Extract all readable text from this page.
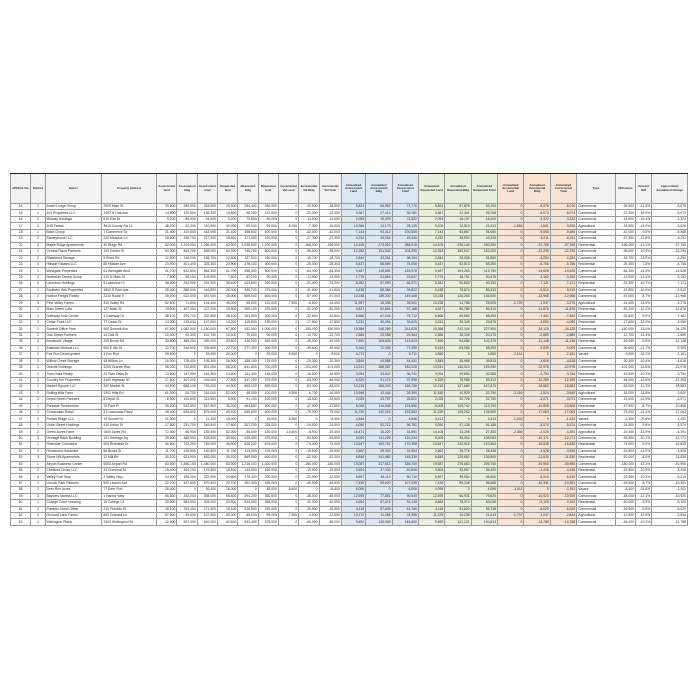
APPEAL No.	District	Owner	Property Address	Assessment land	Assessment bldg	Assessment total	Requested land	Requested bldg	Requested total	Incremental Val Land	Incremental Val Bldg	Incremental Val Total	Annualized Assessment Land	Annualized Assessment Bldg	Annualized Assessment Total	Annualized Requested Land	Annualized Requested Bldg	Annualized Requested Total	Annualized Incremental Land	Annualized Incremental Bldg	Annualized Incremental Total	Type	Difference	Percent Diff	Approximate Annualized Change
14	2	Ameri Lodge Group	2900 Main St	25,600	289,900	315,500	25,600	254,400	280,000	0	-35,500	-35,500	5,824	65,952	71,776	5,824	57,876	63,700	0	-8,076	-8,076	Commercial	-35,500	-11.3%	-8,076
15	1	101 Properties LLC	1402 N Oak Ave	14,800	120,500	135,300	14,800	98,200	113,000	0	-22,300	-22,300	3,367	27,414	30,781	3,367	22,341	25,708	0	-5,073	-5,073	Commercial	-22,300	-16.5%	-5,073
16	2	Midway Holdings	515 Elm St	9,200	85,400	94,600	9,200	70,800	80,000	0	-14,600	-14,600	2,093	19,429	21,522	2,093	16,107	18,200	0	-3,322	-3,322	Commercial	-14,600	-15.4%	-3,322
17	3	JHS Farms	3615 County Rd 12	48,200	62,300	110,500	40,000	55,000	95,000	-8,200	-7,300	-15,500	10,966	14,173	25,139	9,100	12,513	21,613	-1,866	-1,661	-3,526	Agricultural	-15,500	-14.0%	-3,526
18	1	Baird Group	7 Commerce Dr	31,400	410,600	442,000	31,400	368,600	400,000	0	-42,000	-42,000	7,144	93,412	100,555	7,144	83,857	91,000	0	-9,555	-9,555	Commercial	-42,000	-9.5%	-9,555
19	2	Stoneybrook LLC	220 Meadow Ln	18,600	198,700	217,300	18,600	171,400	190,000	0	-27,300	-27,300	4,232	45,204	49,436	4,232	38,994	43,225	0	-6,211	-6,211	Commercial	-27,300	-12.6%	-6,211
20	3	Maple Ridge Apartments	40 Ridge Rd	62,000	1,204,000	1,266,000	62,000	1,038,000	1,100,000	0	-166,000	-166,000	14,105	273,910	288,015	14,105	236,145	250,250	0	-37,765	-37,765	Residential	-166,000	-13.1%	-37,765
21	1	Central Plaza Partners	100 Center St	54,300	843,700	898,000	54,300	745,700	800,000	0	-98,000	-98,000	12,353	191,942	204,295	12,353	169,647	182,000	0	-22,295	-22,295	Commercial	-98,000	-10.9%	-22,295
22	2	Riverbend Storage	9 River Rd	12,500	146,200	158,700	12,500	127,500	140,000	0	-18,700	-18,700	2,844	33,261	36,104	2,844	29,006	31,850	0	-4,254	-4,254	Commercial	-18,700	-11.8%	-4,254
23	3	Hillside Estates LLC	88 Hillside Ave	23,900	301,400	325,300	23,900	276,100	300,000	0	-25,300	-25,300	5,437	68,569	74,006	5,437	62,813	68,250	0	-5,756	-5,756	Residential	-25,300	-7.8%	-5,756
24	1	Westgate Properties	61 Westgate Blvd	41,700	522,600	564,300	41,700	458,300	500,000	0	-64,300	-64,300	9,487	118,892	128,378	9,487	104,263	113,750	0	-14,628	-14,628	Commercial	-64,300	-11.4%	-14,628
25	2	Northside Dental Group	410 N Main St	7,800	96,100	103,900	7,800	82,200	90,000	0	-13,900	-13,900	1,775	21,863	23,637	1,775	18,701	20,475	0	-3,162	-3,162	Commercial	-13,900	-13.4%	-3,162
26	3	Lakeview Holdings	5 Lakeview Ct	36,400	254,900	291,300	36,400	223,600	260,000	0	-31,300	-31,300	8,281	57,990	66,271	8,281	50,869	59,150	0	-7,121	-7,121	Residential	-31,300	-10.7%	-7,121
27	1	Southern Bell Properties	1800 S Park Ave	28,300	388,500	416,800	28,300	346,700	375,000	0	-41,800	-41,800	6,438	88,384	94,822	6,438	78,874	85,313	0	-9,510	-9,510	Commercial	-41,800	-10.0%	-9,510
28	2	Harbor Freight Realty	2210 Route 9	45,000	612,000	657,000	45,000	555,000	600,000	0	-57,000	-57,000	10,238	139,230	149,468	10,238	126,263	136,500	0	-12,968	-12,968	Commercial	-57,000	-8.7%	-12,968
29	3	Pine Valley Farms	310 Valley Rd	52,600	71,800	124,400	45,000	65,000	110,000	-7,600	-6,800	-14,400	11,967	16,335	28,301	10,238	14,788	25,025	-1,729	-1,547	-3,276	Agricultural	-14,400	-11.6%	-3,276
30	1	Main Street Lofts	127 Main St	19,900	407,300	427,200	19,900	355,100	375,000	0	-52,200	-52,200	4,527	92,661	97,188	4,527	80,785	85,313	0	-11,876	-11,876	Residential	-52,200	-12.2%	-11,876
31	2	Gateway Auto Center	1 Gateway Dr	38,100	294,700	332,800	38,100	261,900	300,000	0	-32,800	-32,800	8,668	67,044	75,712	8,668	59,582	68,250	0	-7,462	-7,462	Commercial	-32,800	-9.9%	-7,462
32	3	Cedar Point LLC	77 Cedar St	14,200	133,600	147,800	14,200	115,800	130,000	0	-17,800	-17,800	3,231	30,394	33,625	3,231	26,345	29,575	0	-4,050	-4,050	Residential	-17,800	-12.0%	-4,050
33	1	Summit Office Park	900 Summit Ave	67,500	1,082,500	1,150,000	67,500	932,500	1,000,000	0	-150,000	-150,000	15,356	246,269	261,625	15,356	212,144	227,500	0	-34,125	-34,125	Commercial	-150,000	-13.0%	-34,125
34	2	Oak Street Partners	14 Oak St	10,400	92,300	102,700	10,400	79,600	90,000	0	-12,700	-12,700	2,366	20,998	23,364	2,366	18,109	20,475	0	-2,889	-2,889	Commercial	-12,700	-12.4%	-2,889
35	3	Brookside Village	250 Brook Rd	33,800	465,200	499,000	33,800	416,200	450,000	0	-49,000	-49,000	7,690	105,833	113,523	7,690	94,686	102,375	0	-11,148	-11,148	Residential	-49,000	-9.8%	-11,148
36	1	Eastside Medical LLC	600 E 5th St	22,700	316,900	339,600	22,700	277,300	300,000	0	-39,600	-39,600	5,164	72,095	77,259	5,164	63,086	68,250	0	-9,009	-9,009	Commercial	-39,600	-11.7%	-9,009
37	2	Fox Run Development	3 Fox Run	29,500	0	29,500	20,000	0	20,000	-9,500	0	-9,500	6,711	0	6,711	4,550	0	4,550	-2,161	0	-2,161	Vacant	-9,500	-32.2%	-2,161
38	3	Willow Creek Storage	45 Willow Ln	16,900	178,400	195,300	16,900	158,100	175,000	0	-20,300	-20,300	3,845	40,586	44,431	3,845	35,968	39,813	0	-4,618	-4,618	Commercial	-20,300	-10.4%	-4,618
39	1	Granite Holdings	1250 Granite Way	58,200	742,800	801,000	58,200	641,800	700,000	0	-101,000	-101,000	13,241	168,987	182,228	13,241	146,010	159,250	0	-22,978	-22,978	Commercial	-101,000	-12.6%	-22,978
40	2	Twin Oaks Realty	22 Twin Oaks Dr	13,600	147,900	161,500	13,600	131,400	145,000	0	-16,500	-16,500	3,094	33,647	36,741	3,094	29,894	32,988	0	-3,754	-3,754	Residential	-16,500	-10.2%	-3,754
41	3	Country Inn Properties	4100 Highway 30	27,800	401,200	429,000	27,800	347,200	375,000	0	-54,000	-54,000	6,325	91,273	97,598	6,325	78,988	85,313	0	-12,285	-12,285	Commercial	-54,000	-12.6%	-12,285
42	1	Market Square LLC	300 Market St	44,900	688,100	733,000	44,900	605,100	650,000	0	-83,000	-83,000	10,215	156,543	166,758	10,215	137,660	147,875	0	-18,883	-18,883	Commercial	-83,000	-11.3%	-18,883
43	2	Rolling Hills Farm	1901 Hills Rd	61,300	54,700	116,000	52,000	48,000	100,000	-9,300	-6,700	-16,000	13,946	12,444	26,390	11,830	10,920	22,750	-2,116	-1,524	-3,640	Agricultural	-16,000	-13.8%	-3,640
44	3	Depot Street Partners	8 Depot St	8,900	104,600	113,500	8,900	91,100	100,000	0	-13,500	-13,500	2,025	23,797	25,821	2,025	20,725	22,750	0	-3,071	-3,071	Commercial	-13,500	-11.9%	-3,071
45	1	Parkside Townhomes	70 Park Pl	35,200	512,300	547,500	35,200	464,800	500,000	0	-47,500	-47,500	8,008	116,548	124,556	8,008	105,742	113,750	0	-10,806	-10,806	Residential	-47,500	-8.7%	-10,806
46	2	Crossroads Retail	2 Crossroads Pkwy	49,400	625,600	675,000	49,400	550,600	600,000	0	-75,000	-75,000	11,239	142,324	153,563	11,239	125,262	136,500	0	-17,063	-17,063	Commercial	-75,000	-11.1%	-17,063
47	3	Sunset Ridge LLC	19 Sunset Dr	21,300	0	21,300	15,000	0	15,000	-6,300	0	-6,300	4,846	0	4,846	3,413	0	3,413	-1,433	0	-1,433	Vacant	-6,300	-29.6%	-1,433
48	1	Union Street Holdings	410 Union St	17,800	231,700	249,500	17,800	207,200	225,000	0	-24,500	-24,500	4,050	52,712	56,761	4,050	47,138	51,188	0	-5,574	-5,574	Commercial	-24,500	-9.8%	-5,574
49	2	Green Acres Farm	1500 Acres Rd	72,400	66,900	139,300	62,000	58,000	120,000	-10,400	-8,900	-19,300	16,471	15,220	31,691	14,105	13,195	27,300	-2,366	-2,025	-4,391	Agricultural	-19,300	-13.9%	-4,391
50	3	Heritage Bank Building	101 Heritage Sq	39,600	488,900	528,500	39,600	435,400	475,000	0	-53,500	-53,500	9,009	111,225	120,234	9,009	99,054	108,063	0	-12,171	-12,171	Commercial	-53,500	-10.1%	-12,171
51	1	Riverside Commons	600 Riverside Dr	46,800	702,200	749,000	46,800	628,200	675,000	0	-74,000	-74,000	10,647	159,751	170,398	10,647	142,916	153,563	0	-16,835	-16,835	Residential	-74,000	-9.9%	-16,835
52	2	Hometown Hardware	56 Broad St	11,700	128,800	140,500	11,700	113,300	125,000	0	-15,500	-15,500	2,662	29,302	31,964	2,662	25,776	28,438	0	-3,526	-3,526	Commercial	-15,500	-11.0%	-3,526
53	3	Stone Mill Apartments	12 Mill Rd	30,100	621,900	652,000	30,100	569,900	600,000	0	-52,000	-52,000	6,848	141,482	148,330	6,848	129,652	136,500	0	-11,830	-11,830	Residential	-52,000	-8.0%	-11,830
54	1	Airport Business Center	5000 Airport Rd	83,900	1,396,100	1,480,000	83,900	1,216,100	1,300,000	0	-180,000	-180,000	19,087	317,613	336,700	19,087	276,663	295,750	0	-40,950	-40,950	Commercial	-180,000	-12.2%	-40,950
55	2	Chestnut Grove LLC	31 Chestnut St	15,400	164,100	179,500	15,400	144,600	160,000	0	-19,500	-19,500	3,504	37,333	40,836	3,504	32,897	36,400	0	-4,436	-4,436	Residential	-19,500	-10.9%	-4,436
56	3	Valley Fuel Stop	2 Valley Hwy	24,600	198,300	222,900	24,600	175,400	200,000	0	-22,900	-22,900	5,597	45,113	50,710	5,597	39,904	45,500	0	-5,210	-5,210	Commercial	-22,900	-10.3%	-5,210
57	1	Lincoln Park Partners	900 Lincoln Ave	32,700	437,800	470,500	32,700	392,300	425,000	0	-45,500	-45,500	7,439	99,600	107,039	7,439	89,248	96,688	0	-10,351	-10,351	Commercial	-45,500	-9.7%	-10,351
58	2	Deer Run Acres	77 Deer Run	26,400	0	26,400	18,000	0	18,000	-8,400	0	-8,400	6,006	0	6,006	4,095	0	4,095	-1,911	0	-1,911	Vacant	-8,400	-31.8%	-1,911
59	3	Bayview Marina LLC	1 Harbor Way	55,800	342,200	398,000	55,800	294,200	350,000	0	-48,000	-48,000	12,695	77,851	90,545	12,695	66,931	79,625	0	-10,920	-10,920	Commercial	-48,000	-12.1%	-10,920
60	1	College Court Housing	15 College Ct	20,500	384,500	405,000	20,500	344,500	365,000	0	-40,000	-40,000	4,664	87,474	92,138	4,664	78,374	83,038	0	-9,100	-9,100	Residential	-40,000	-9.9%	-9,100
61	2	Franklin Street Office	210 Franklin St	18,100	253,400	271,500	18,100	226,900	245,000	0	-26,500	-26,500	4,118	57,649	61,766	4,118	51,620	55,738	0	-6,029	-6,029	Commercial	-26,500	-9.8%	-6,029
62	3	Orchard Lane Farms	400 Orchard Ln	57,900	49,600	107,500	50,000	45,000	95,000	-7,900	-4,600	-12,500	13,172	11,284	24,456	11,375	10,238	21,613	-1,797	-1,047	-2,844	Agricultural	-12,500	-11.6%	-2,844
63	1	Wellington Plaza	3300 Wellington Rd	42,600	597,400	640,000	42,600	532,400	575,000	0	-65,000	-65,000	9,692	135,909	145,600	9,692	121,121	130,813	0	-14,788	-14,788	Commercial	-65,000	-10.2%	-14,788
